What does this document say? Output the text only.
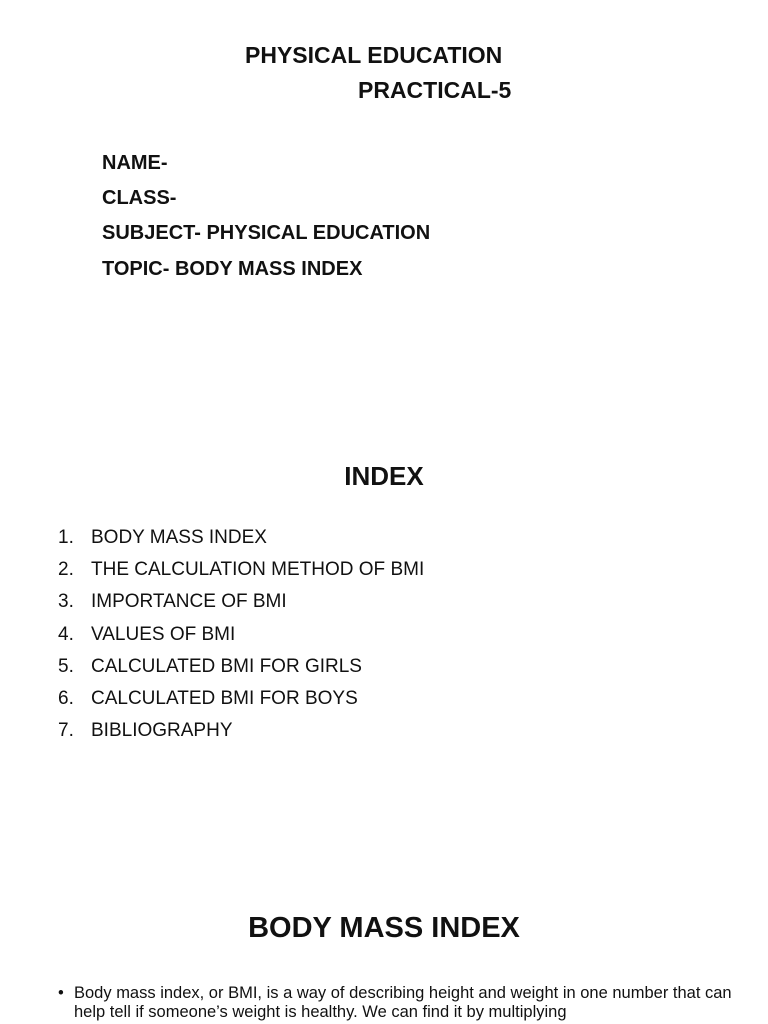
PHYSICAL EDUCATION
PRACTICAL-5
NAME-
CLASS-
SUBJECT- PHYSICAL EDUCATION
TOPIC- BODY MASS INDEX
INDEX
1. BODY MASS INDEX
2. THE CALCULATION METHOD OF BMI
3. IMPORTANCE OF BMI
4. VALUES OF BMI
5. CALCULATED BMI FOR GIRLS
6. CALCULATED BMI FOR BOYS
7. BIBLIOGRAPHY
BODY MASS INDEX
• Body mass index, or BMI, is a way of describing height and weight in one number that can help tell if someone’s weight is healthy. We can find it by multiplying
